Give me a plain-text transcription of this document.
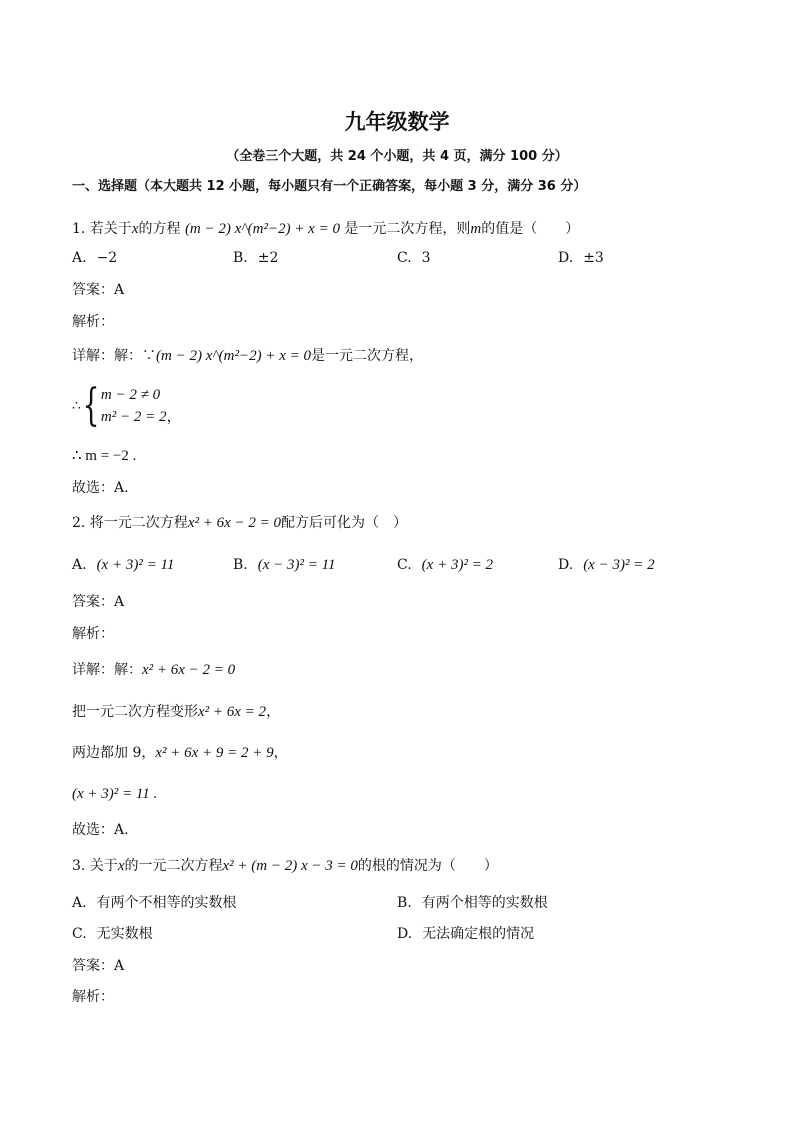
九年级数学
（全卷三个大题，共 24 个小题，共 4 页，满分 100 分）
一、选择题（本大题共 12 小题，每小题只有一个正确答案，每小题 3 分，满分 36 分）
1. 若关于x的方程 (m − 2) x^(m²−2) + x = 0 是一元二次方程，则m的值是（　　）
A. −2	B. ±2	C. 3	D. ±3
答案：A
解析：
详解：解：∵(m − 2) x^(m²−2) + x = 0是一元二次方程，
∴{ m − 2 ≠ 0
m² − 2 = 2，
∴ m = −2 .
故选：A.
2. 将一元二次方程x² + 6x − 2 = 0配方后可化为（　）
A. (x + 3)² = 11	B. (x − 3)² = 11	C. (x + 3)² = 2	D. (x − 3)² = 2
答案：A
解析：
详解：解：x² + 6x − 2 = 0
把一元二次方程变形x² + 6x = 2，
两边都加 9，x² + 6x + 9 = 2 + 9，
(x + 3)² = 11 .
故选：A.
3. 关于x的一元二次方程x² + (m − 2) x − 3 = 0的根的情况为（　　）
A. 有两个不相等的实数根	B. 有两个相等的实数根
C. 无实数根	D. 无法确定根的情况
答案：A
解析：
